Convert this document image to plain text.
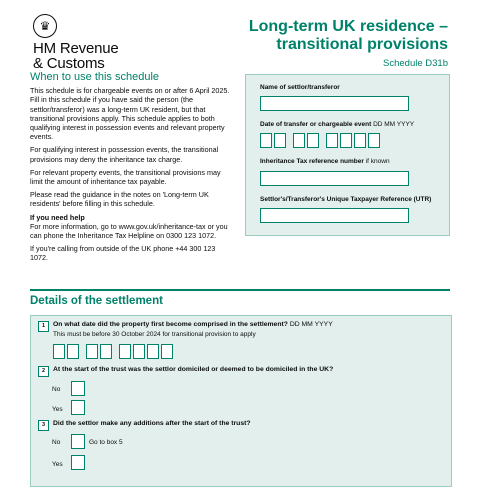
♛
HM Revenue
& Customs
Long-term UK residence –
transitional provisions
Schedule D31b
When to use this schedule

This schedule is for chargeable events on or after 6 April 2025. Fill in this schedule if you have said the person (the settlor/transferor) was a long-term UK resident, but that transitional provisions apply. This schedule applies to both qualifying interest in possession events and relevant property events.

For qualifying interest in possession events, the transitional provisions may deny the inheritance tax charge.

For relevant property events, the transitional provisions may limit the amount of inheritance tax payable.

Please read the guidance in the notes on 'Long-term UK residents' before filling in this schedule.

If you need help

For more information, go to www.gov.uk/inheritance-tax or you can phone the Inheritance Tax Helpline on 0300 123 1072.

If you're calling from outside of the UK phone +44 300 123 1072.

Name of settlor/transferor
Date of transfer or chargeable event DD MM YYYY
Inheritance Tax reference number if known
Settlor's/Transferor's Unique Taxpayer Reference (UTR)
Details of the settlement
1	On what date did the property first become comprised in the settlement? DD MM YYYY
This must be before 30 October 2024 for transitional provision to apply
2	At the start of the trust was the settlor domiciled or deemed to be domiciled in the UK?
No
Yes
3	Did the settlor make any additions after the start of the trust?
No	Go to box 5
Yes
